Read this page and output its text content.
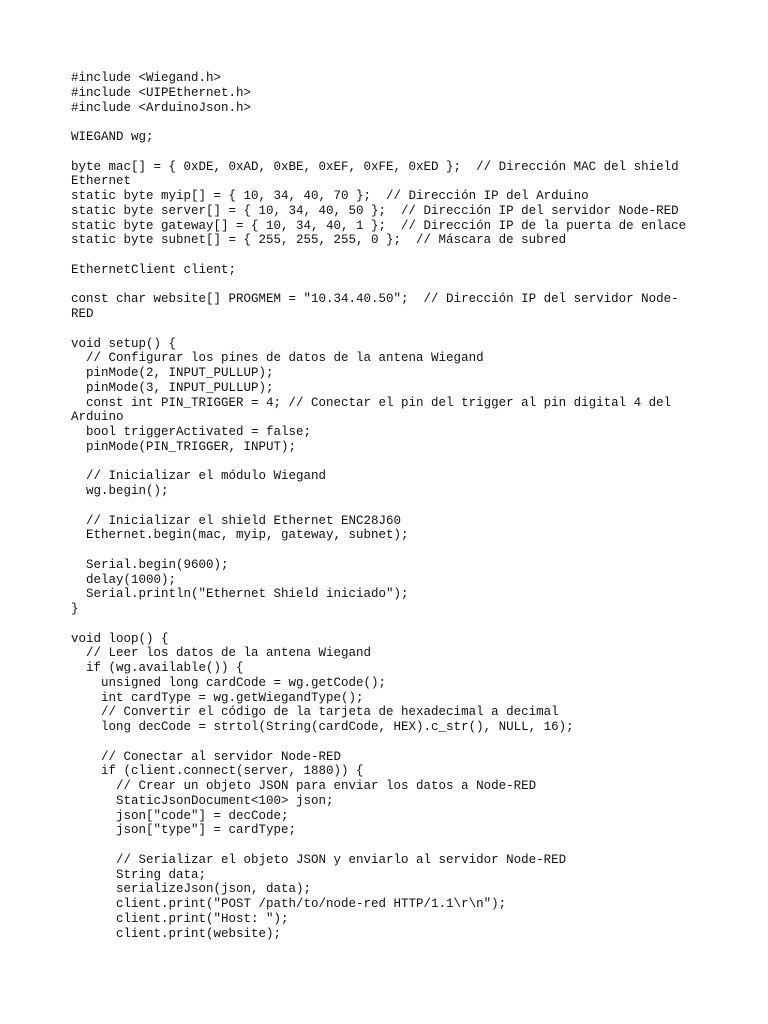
#include <Wiegand.h>
#include <UIPEthernet.h>
#include <ArduinoJson.h>
WIEGAND wg;
byte mac[] = { 0xDE, 0xAD, 0xBE, 0xEF, 0xFE, 0xED };  // Dirección MAC del shield
Ethernet
static byte myip[] = { 10, 34, 40, 70 };  // Dirección IP del Arduino
static byte server[] = { 10, 34, 40, 50 };  // Dirección IP del servidor Node-RED
static byte gateway[] = { 10, 34, 40, 1 };  // Dirección IP de la puerta de enlace
static byte subnet[] = { 255, 255, 255, 0 };  // Máscara de subred
EthernetClient client;
const char website[] PROGMEM = "10.34.40.50";  // Dirección IP del servidor Node-
RED
void setup() {
// Configurar los pines de datos de la antena Wiegand
pinMode(2, INPUT_PULLUP);
pinMode(3, INPUT_PULLUP);
const int PIN_TRIGGER = 4; // Conectar el pin del trigger al pin digital 4 del
Arduino
bool triggerActivated = false;
pinMode(PIN_TRIGGER, INPUT);
// Inicializar el módulo Wiegand
wg.begin();
// Inicializar el shield Ethernet ENC28J60
Ethernet.begin(mac, myip, gateway, subnet);
Serial.begin(9600);
delay(1000);
Serial.println("Ethernet Shield iniciado");
}
void loop() {
// Leer los datos de la antena Wiegand
if (wg.available()) {
unsigned long cardCode = wg.getCode();
int cardType = wg.getWiegandType();
// Convertir el código de la tarjeta de hexadecimal a decimal
long decCode = strtol(String(cardCode, HEX).c_str(), NULL, 16);
// Conectar al servidor Node-RED
if (client.connect(server, 1880)) {
// Crear un objeto JSON para enviar los datos a Node-RED
StaticJsonDocument<100> json;
json["code"] = decCode;
json["type"] = cardType;
// Serializar el objeto JSON y enviarlo al servidor Node-RED
String data;
serializeJson(json, data);
client.print("POST /path/to/node-red HTTP/1.1\r\n");
client.print("Host: ");
client.print(website);
